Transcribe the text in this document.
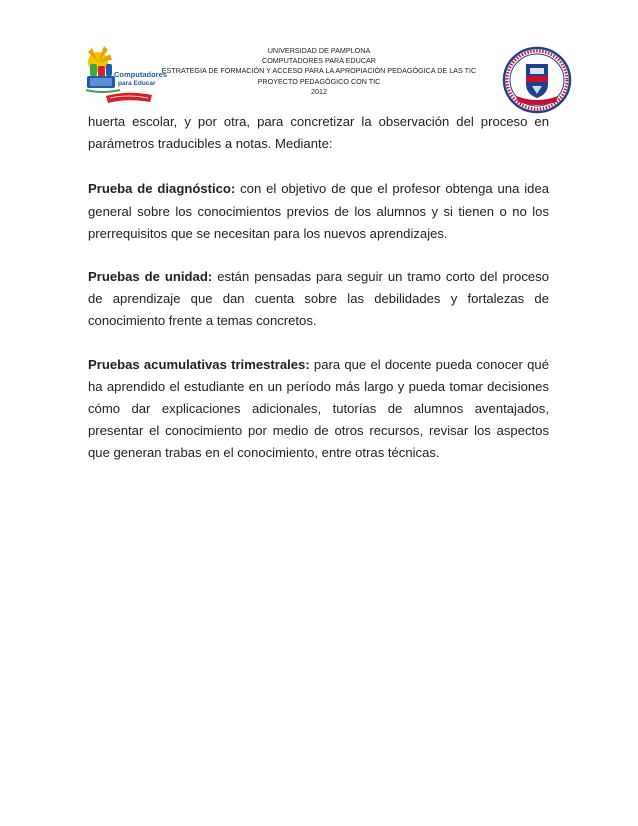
Computadores
para Educar
UNIVERSIDAD DE PAMPLONA
COMPUTADORES PARA EDUCAR
ESTRATEGIA DE FORMACIÓN Y ACCESO PARA LA APROPIACIÓN PEDAGÓGICA DE LAS TIC
PROYECTO PEDAGÓGICO CON TIC
2012

huerta escolar, y por otra, para concretizar la observación del proceso en parámetros traducibles a notas. Mediante:

Prueba de diagnóstico: con el objetivo de que el profesor obtenga una idea general sobre los conocimientos previos de los alumnos y si tienen o no los prerrequisitos que se necesitan para los nuevos aprendizajes.

Pruebas de unidad: están pensadas para seguir un tramo corto del proceso de aprendizaje que dan cuenta sobre las debilidades y fortalezas de conocimiento frente a temas concretos.

Pruebas acumulativas trimestrales: para que el docente pueda conocer qué ha aprendido el estudiante en un período más largo y pueda tomar decisiones cómo dar explicaciones adicionales, tutorías de alumnos aventajados, presentar el conocimiento por medio de otros recursos, revisar los aspectos que generan trabas en el conocimiento, entre otras técnicas.
